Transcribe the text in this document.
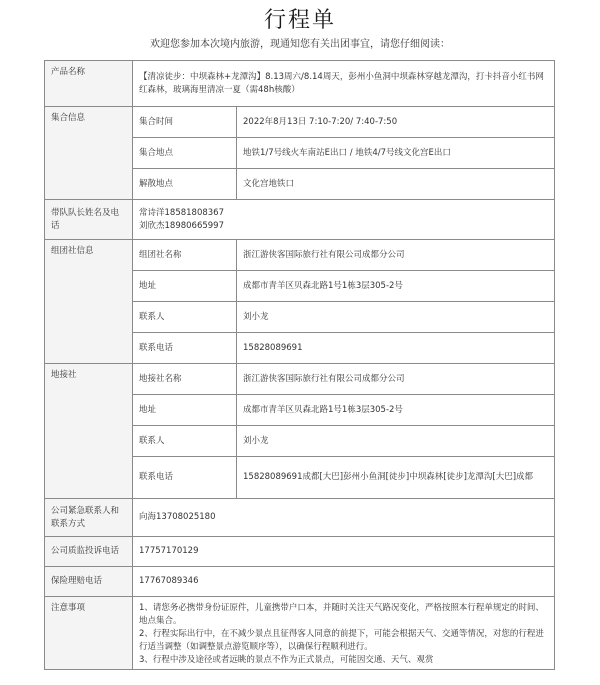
行程单
欢迎您参加本次境内旅游，现通知您有关出团事宜，请您仔细阅读：
产品名称	【清凉徒步：中坝森林+龙潭沟】8.13周六/8.14周天，彭州小鱼洞中坝森林穿越龙潭沟，打卡抖音小红书网红森林，玻璃海里清凉一夏（需48h核酸）	
集合信息	集合时间	2022年8月13日 7:10-7:20/ 7:40-7:50
	集合地点	地铁1/7号线火车南站E出口 / 地铁4/7号线文化宫E出口
	解散地点	文化宫地铁口
带队队长姓名及电话	常诗洋18581808367
刘欣杰18980665997	

组团社信息	组团社名称	浙江游侠客国际旅行社有限公司成都分公司
	地址	成都市青羊区贝森北路1号1栋3层305-2号
	联系人	刘小龙
	联系电话	15828089691
地接社	地接社名称	浙江游侠客国际旅行社有限公司成都分公司
	地址	成都市青羊区贝森北路1号1栋3层305-2号
	联系人	刘小龙
	联系电话	15828089691成都[大巴]彭州小鱼洞[徒步]中坝森林[徒步]龙潭沟[大巴]成都
公司紧急联系人和联系方式	向海13708025180	
公司质监投诉电话	17757170129	
保险理赔电话	17767089346	
注意事项	1、请您务必携带身份证原件，儿童携带户口本，并随时关注天气路况变化，严格按照本行程单规定的时间、地点集合。
2、行程实际出行中，在不减少景点且征得客人同意的前提下，可能会根据天气、交通等情况，对您的行程进行适当调整（如调整景点游览顺序等），以确保行程顺利进行。
3、行程中涉及途径或者远眺的景点不作为正式景点，可能因交通、天气、观赏	
